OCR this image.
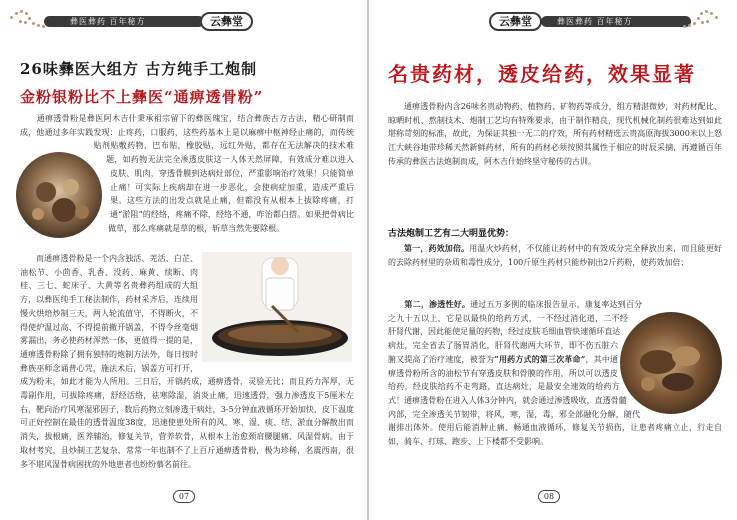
彝医彝药 百年秘方	云彝堂
26味彝医大组方 古方纯手工炮制
金粉银粉比不上彝医“通痹透骨粉”
　　通痹透骨粉是彝医阿木吉什秉承祖宗留下的彝医瑰宝，结合彝族古方古法，精心研制而成，他通过多年实践发现：止疼药，口服药，这些药基本上是以麻痹中枢神经止痛的，而传统贴剂贴敷药物，巴布贴，橡胶贴，远红外贴，都存在无法解决的技术难题，如药物无法完全渗透皮肤这一人体天然屏障，有效成分难以进入皮肤、肌肉，穿透骨膜到达病灶部位，严重影响治疗效果！只能简单止痛！可实际上疾病却在进一步恶化，会使病症加重，造成严重后果。这些方法的出发点就是止痛，但都没有从根本上拔除疼痛，打通“淤阻”的经络，疼痛不除，经络不通，咋治都白搭。如果把骨病比做草，那么疼痛就是草的根，斩草当然先要除根。
云彝堂	彝医彝药 百年秘方
名贵药材，透皮给药，效果显著

通痹透骨粉内含26味名贵动物药、植物药、矿物药等成分，组方精湛微妙，对药材配比、晾晒时机、熬制技术、炮制工艺均有特殊要求，由于制作精良，现代机械化制药很难达到如此堪称苛刻的标准，故此，为保证其独一无二的疗效，所有药材精选云贵高原海拔3000米以上怒江大峡谷地带珍稀天然新鲜药材，所有的药材必须按照其属性于相应的时辰采摘，再遵循百年传承的彝医古法炮制而成，阿木吉什始终坚守秘传的古训。

古法炮制工艺有二大明显优势：

第一，药效加倍。用温火炒药材，不仅能让药材中的有效成分完全释放出来，而且能更好的去除药材里的杂质和毒性成分，100斤原生药材只能炒制出2斤药粉，使药效加倍；

　　第二，渗透性好。通过五万多例的临床报告显示，康复率达到百分之九十五以上，它是以最快的给药方式，一不经过消化道，二不经肝肾代谢，因此能使足量的药物，经过皮肤毛细血管快速循环直达病灶，完全省去了肠胃消化，肝肾代谢两大环节，即不伤五脏六腑又提高了治疗速度，被誉为“用药方式的第三次革命”，其中通痹透骨粉所含的油松节有穿透皮肤和骨膜的作用，所以可以透皮给药，经皮肤给药不走弯路，直达病灶，是最安全速效的给药方式！通痹透骨粉在进入人体3分钟内，就会通过渗透吸收，直透骨髓内部，完全渗透关节韧带，将风，寒，湿，毒，邪全部融化分解，随代谢排出体外。使用后能消肿止痛、畅通血液循环，修复关节损伤，让患者疼痛立止，行走自如，骑车、打球、跑步、上下楼都不受影响。
而通痹透骨粉是一个内含独活、羌活、白芷、油松节、小茴香、乳香、没药、麻黄、续断、肉桂、三七、蛇床子、大黄等名贵彝药组成的大组方，以彝医纯手工秘法制作，药材采齐后，连续用慢火烘焙炒制三天，两人轮流值守，不得断火，不得使炉温过高、不得提前撤开锅盖，不得令丝毫烟雾漏出，务必使药材浑然一体，更值得一提的是，通痹透骨粉除了拥有独特的炮制方法外，每日按时彝族巫师念诵普心咒，施法术后，锅盖方可打开，成为粉末，如此才能为人所用。三日后，开锅药成，通痹透骨，灵验无比；而且药力浑厚，无毒副作用，可拔除疼痛，舒经活络，祛寒除湿，消炎止痛，迅速透骨，强力渗透皮下5厘米左右，靶向治疗风寒湿邪因子，数后药物立刻渗透于病灶，3-5分钟血液循环开始加快，皮下温度可正好控制在最佳的透骨温度38度，迅速使患处所有的风、寒、湿、痰、结、淤血分解散出而消失，拔根痛，医养辅治，修复关节，营养软骨，从根本上治愈颈肩腰腿痛、风湿骨病。由于取材考究，且炒制工艺复杂，常常一年也制不了上百斤通痹透骨粉，极为珍稀，名震西南，很多不堪风湿骨病困扰的外地患者也纷纷慕名前往。
07	08
